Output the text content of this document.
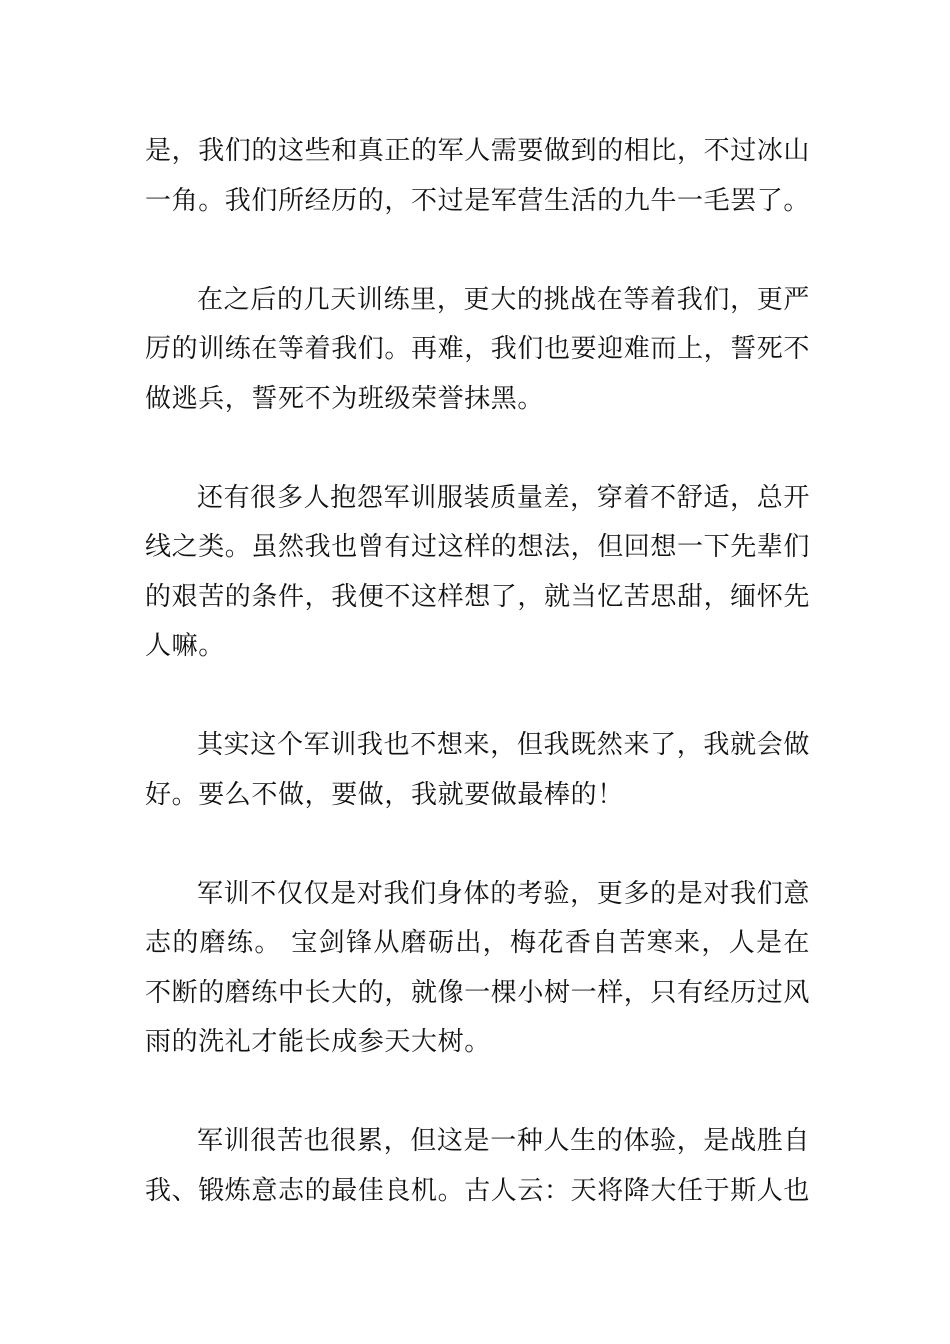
是，我们的这些和真正的军人需要做到的相比，不过冰山一角。我们所经历的，不过是军营生活的九牛一毛罢了。

在之后的几天训练里，更大的挑战在等着我们，更严厉的训练在等着我们。再难，我们也要迎难而上，誓死不做逃兵，誓死不为班级荣誉抹黑。

还有很多人抱怨军训服装质量差，穿着不舒适，总开线之类。虽然我也曾有过这样的想法，但回想一下先辈们的艰苦的条件，我便不这样想了，就当忆苦思甜，缅怀先人嘛。

其实这个军训我也不想来，但我既然来了，我就会做好。要么不做，要做，我就要做最棒的！

军训不仅仅是对我们身体的考验，更多的是对我们意志的磨练。 宝剑锋从磨砺出，梅花香自苦寒来，人是在不断的磨练中长大的，就像一棵小树一样，只有经历过风雨的洗礼才能长成参天大树。

军训很苦也很累，但这是一种人生的体验，是战胜自我、锻炼意志的最佳良机。古人云：天将降大任于斯人也
